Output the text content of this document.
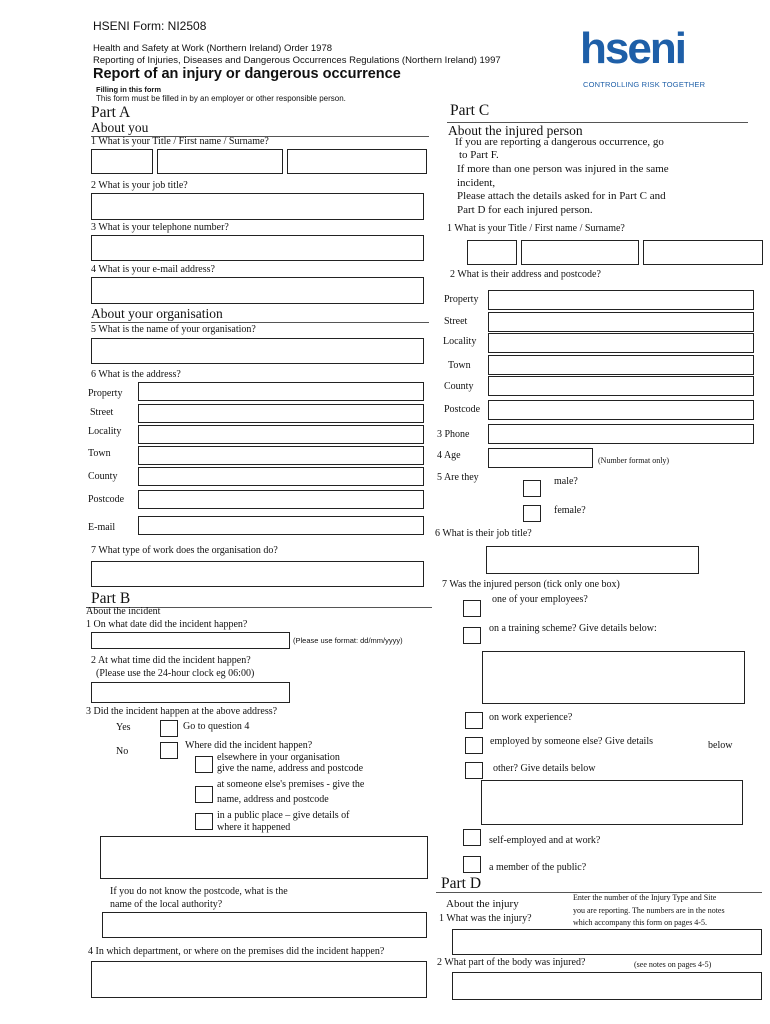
HSENI Form: NI2508
Health and Safety at Work (Northern Ireland) Order 1978
Reporting of Injuries, Diseases and Dangerous Occurrences Regulations (Northern Ireland) 1997
Report of an injury or dangerous occurrence
Filling in this form
This form must be filled in by an employer or other responsible person.
hseni
CONTROLLING RISK TOGETHER
Part A
About you
1 What is your Title / First name / Surname?
2 What is your job title?
3 What is your telephone number?
4 What is your e-mail address?
About your organisation
5 What is the name of your organisation?
6 What is the address?
Property
Street
Locality
Town
County
Postcode
E-mail
7 What type of work does the organisation do?
Part B
About the incident
1 On what date did the incident happen?
(Please use format: dd/mm/yyyy)
2 At what time did the incident happen?
(Please use the 24-hour clock eg 06:00)
3 Did the incident happen at the above address?
Yes	Go to question 4
No
Where did the incident happen?
elsewhere in your organisation
give the name, address and postcode
at someone else's premises - give the
name, address and postcode
in a public place – give details of
where it happened
If you do not know the postcode, what is the
name of the local authority?
4 In which department, or where on the premises did the incident happen?
Part C
About the injured person
If you are reporting a dangerous occurrence, go
to Part F.
If more than one person was injured in the same
incident,
Please attach the details asked for in Part C and
Part D for each injured person.
1 What is your Title / First name / Surname?
2 What is their address and postcode?
Property
Street
Locality
Town
County
Postcode
3 Phone
4 Age	(Number format only)
5 Are they	male?
female?
6 What is their job title?
7 Was the injured person (tick only one box)
one of your employees?
on a training scheme? Give details below:
on work experience?
employed by someone else? Give details	below
other? Give details below
self-employed and at work?
a member of the public?
Part D
About the injury
Enter the number of the Injury Type and Site
you are reporting. The numbers are in the notes
which accompany this form on pages 4-5.
1 What was the injury?
2 What part of the body was injured?	(see notes on pages 4-5)
